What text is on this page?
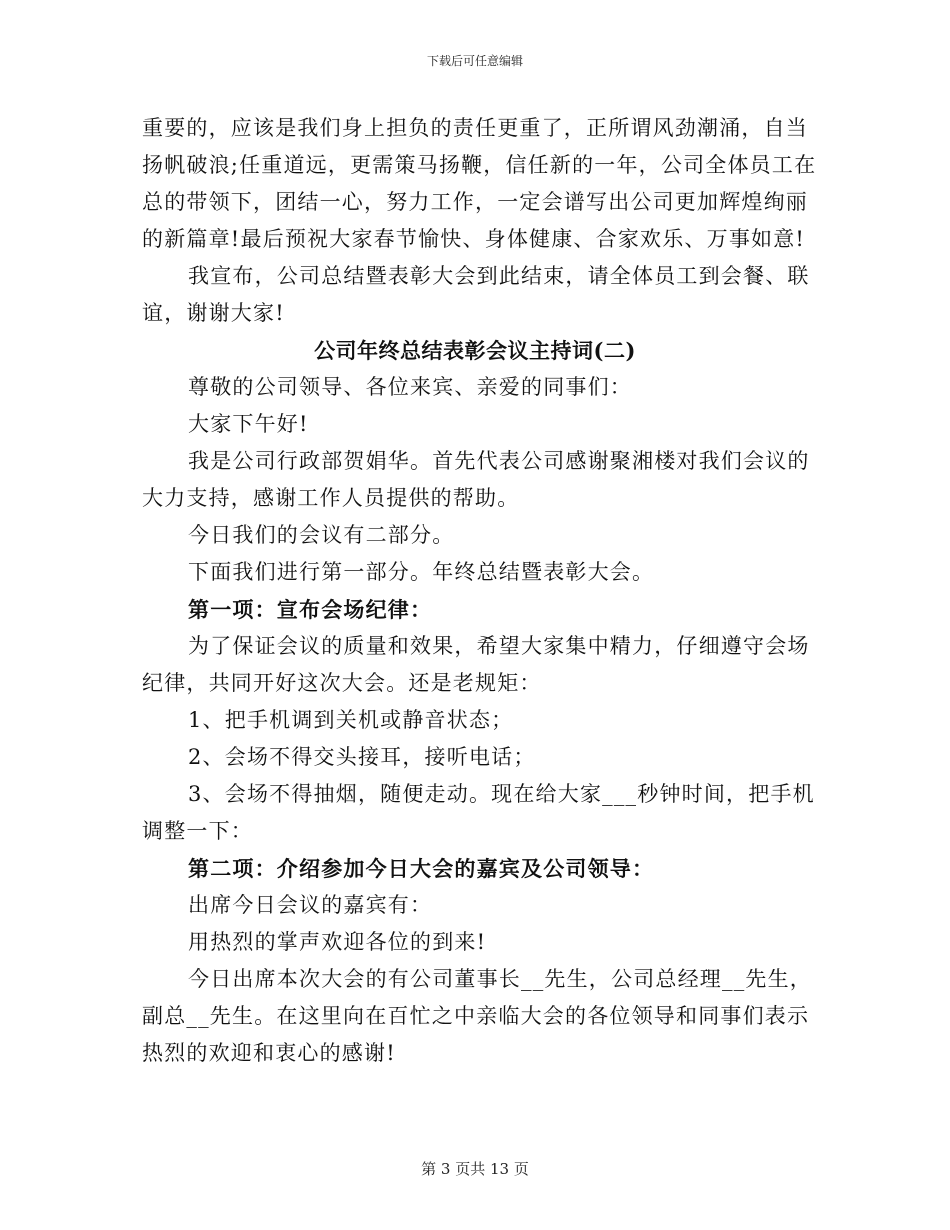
下载后可任意编辑
重要的，应该是我们身上担负的责任更重了，正所谓风劲潮涌，自当
扬帆破浪;任重道远，更需策马扬鞭，信任新的一年，公司全体员工在
总的带领下，团结一心，努力工作，一定会谱写出公司更加辉煌绚丽
的新篇章!最后预祝大家春节愉快、身体健康、合家欢乐、万事如意!
我宣布，公司总结暨表彰大会到此结束，请全体员工到会餐、联
谊，谢谢大家!
公司年终总结表彰会议主持词(二)
尊敬的公司领导、各位来宾、亲爱的同事们：
大家下午好!
我是公司行政部贺娟华。首先代表公司感谢聚湘楼对我们会议的
大力支持，感谢工作人员提供的帮助。
今日我们的会议有二部分。
下面我们进行第一部分。年终总结暨表彰大会。
第一项：宣布会场纪律：
为了保证会议的质量和效果，希望大家集中精力，仔细遵守会场
纪律，共同开好这次大会。还是老规矩：
1、把手机调到关机或静音状态；
2、会场不得交头接耳，接听电话；
3、会场不得抽烟，随便走动。现在给大家___秒钟时间，把手机
调整一下：
第二项：介绍参加今日大会的嘉宾及公司领导：
出席今日会议的嘉宾有：
用热烈的掌声欢迎各位的到来!
今日出席本次大会的有公司董事长__先生，公司总经理__先生，
副总__先生。在这里向在百忙之中亲临大会的各位领导和同事们表示
热烈的欢迎和衷心的感谢!
第 3 页共 13 页
